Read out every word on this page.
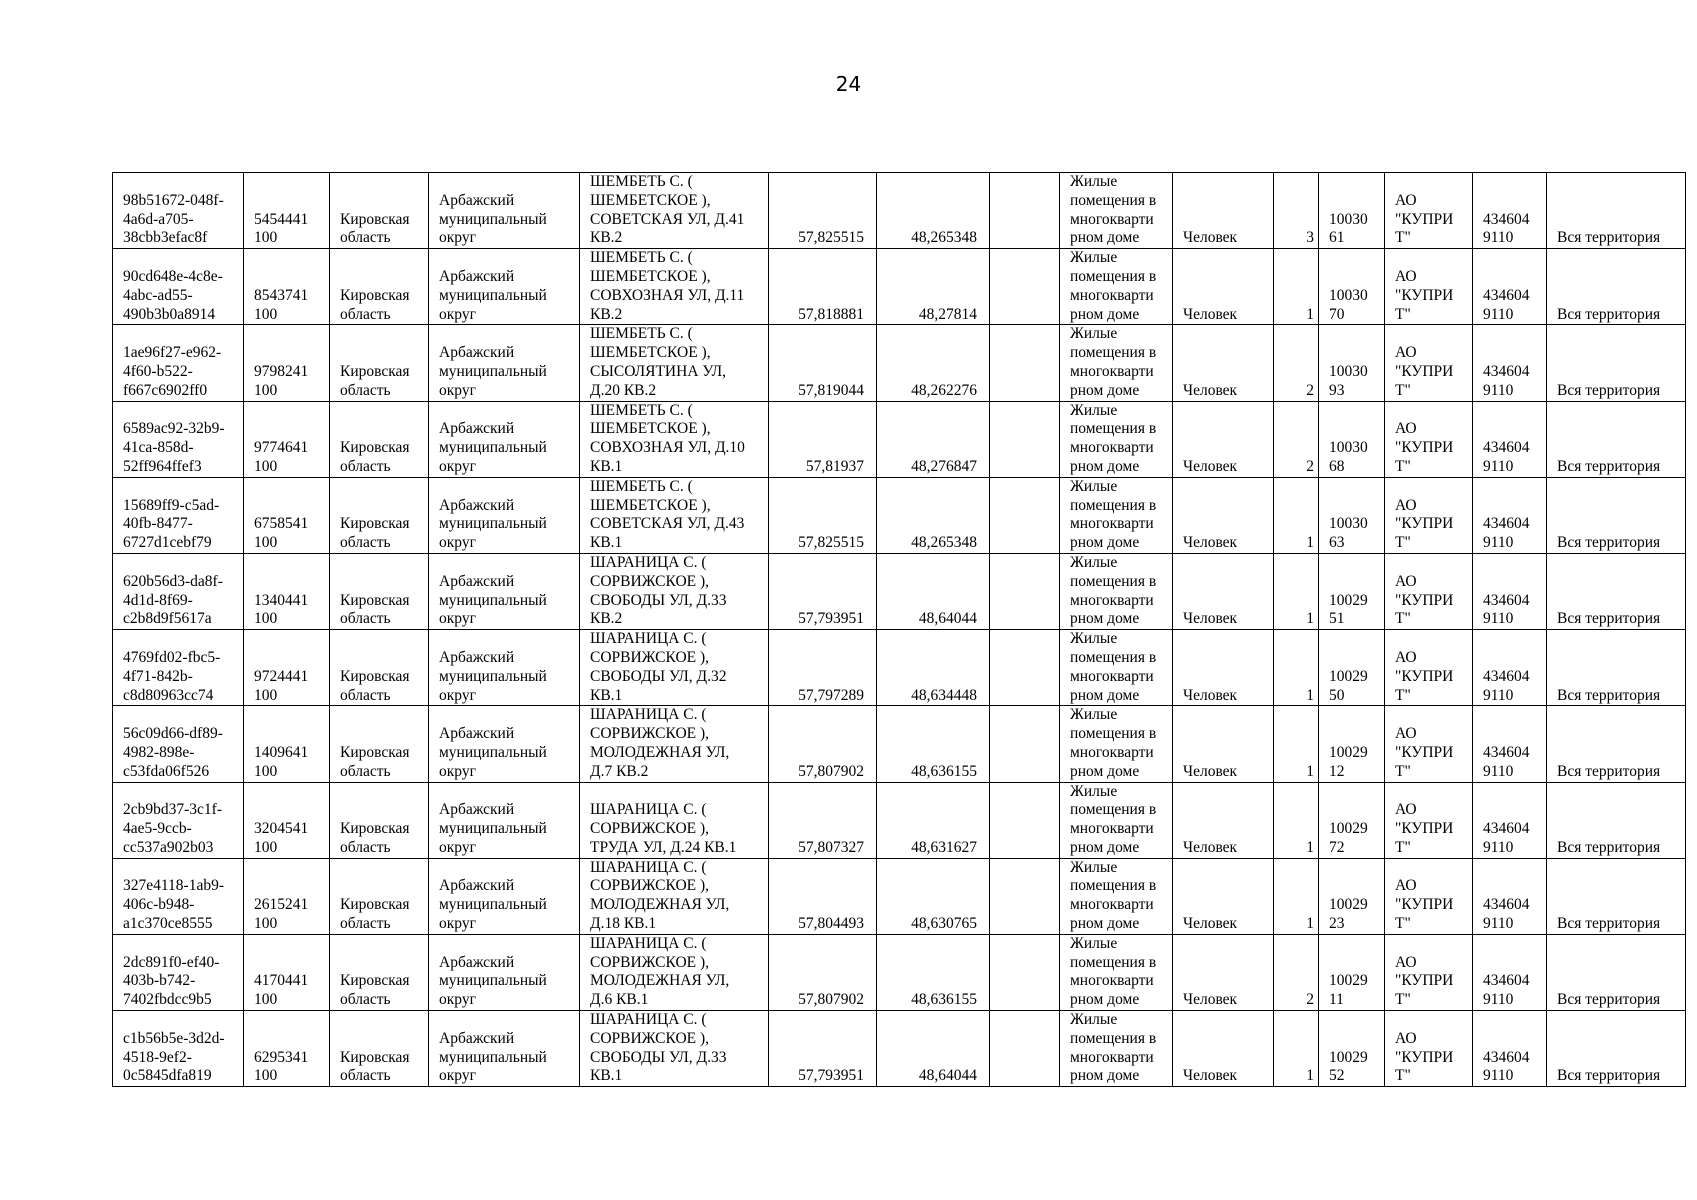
24
98b51672-048f-
4a6d-a705-
38cbb3efac8f	5454441
100	Кировская
область	Арбажский
муниципальный
округ	ШЕМБЕТЬ С. (
ШЕМБЕТСКОЕ ),
СОВЕТСКАЯ УЛ, Д.41
КВ.2	57,825515	48,265348		Жилые
помещения в
многокварти
рном доме	Человек	3	10030
61	АО
"КУПРИ
Т"	434604
9110	Вся территория
90cd648e-4c8e-
4abc-ad55-
490b3b0a8914	8543741
100	Кировская
область	Арбажский
муниципальный
округ	ШЕМБЕТЬ С. (
ШЕМБЕТСКОЕ ),
СОВХОЗНАЯ УЛ, Д.11
КВ.2	57,818881	48,27814		Жилые
помещения в
многокварти
рном доме	Человек	1	10030
70	АО
"КУПРИ
Т"	434604
9110	Вся территория
1ae96f27-e962-
4f60-b522-
f667c6902ff0	9798241
100	Кировская
область	Арбажский
муниципальный
округ	ШЕМБЕТЬ С. (
ШЕМБЕТСКОЕ ),
СЫСОЛЯТИНА УЛ,
Д.20 КВ.2	57,819044	48,262276		Жилые
помещения в
многокварти
рном доме	Человек	2	10030
93	АО
"КУПРИ
Т"	434604
9110	Вся территория
6589ac92-32b9-
41ca-858d-
52ff964ffef3	9774641
100	Кировская
область	Арбажский
муниципальный
округ	ШЕМБЕТЬ С. (
ШЕМБЕТСКОЕ ),
СОВХОЗНАЯ УЛ, Д.10
КВ.1	57,81937	48,276847		Жилые
помещения в
многокварти
рном доме	Человек	2	10030
68	АО
"КУПРИ
Т"	434604
9110	Вся территория
15689ff9-c5ad-
40fb-8477-
6727d1cebf79	6758541
100	Кировская
область	Арбажский
муниципальный
округ	ШЕМБЕТЬ С. (
ШЕМБЕТСКОЕ ),
СОВЕТСКАЯ УЛ, Д.43
КВ.1	57,825515	48,265348		Жилые
помещения в
многокварти
рном доме	Человек	1	10030
63	АО
"КУПРИ
Т"	434604
9110	Вся территория
620b56d3-da8f-
4d1d-8f69-
c2b8d9f5617a	1340441
100	Кировская
область	Арбажский
муниципальный
округ	ШАРАНИЦА С. (
СОРВИЖСКОЕ ),
СВОБОДЫ УЛ, Д.33
КВ.2	57,793951	48,64044		Жилые
помещения в
многокварти
рном доме	Человек	1	10029
51	АО
"КУПРИ
Т"	434604
9110	Вся территория
4769fd02-fbc5-
4f71-842b-
c8d80963cc74	9724441
100	Кировская
область	Арбажский
муниципальный
округ	ШАРАНИЦА С. (
СОРВИЖСКОЕ ),
СВОБОДЫ УЛ, Д.32
КВ.1	57,797289	48,634448		Жилые
помещения в
многокварти
рном доме	Человек	1	10029
50	АО
"КУПРИ
Т"	434604
9110	Вся территория
56c09d66-df89-
4982-898e-
c53fda06f526	1409641
100	Кировская
область	Арбажский
муниципальный
округ	ШАРАНИЦА С. (
СОРВИЖСКОЕ ),
МОЛОДЕЖНАЯ УЛ,
Д.7 КВ.2	57,807902	48,636155		Жилые
помещения в
многокварти
рном доме	Человек	1	10029
12	АО
"КУПРИ
Т"	434604
9110	Вся территория
2cb9bd37-3c1f-
4ae5-9ccb-
cc537a902b03	3204541
100	Кировская
область	Арбажский
муниципальный
округ	ШАРАНИЦА С. (
СОРВИЖСКОЕ ),
ТРУДА УЛ, Д.24 КВ.1	57,807327	48,631627		Жилые
помещения в
многокварти
рном доме	Человек	1	10029
72	АО
"КУПРИ
Т"	434604
9110	Вся территория
327e4118-1ab9-
406c-b948-
a1c370ce8555	2615241
100	Кировская
область	Арбажский
муниципальный
округ	ШАРАНИЦА С. (
СОРВИЖСКОЕ ),
МОЛОДЕЖНАЯ УЛ,
Д.18 КВ.1	57,804493	48,630765		Жилые
помещения в
многокварти
рном доме	Человек	1	10029
23	АО
"КУПРИ
Т"	434604
9110	Вся территория
2dc891f0-ef40-
403b-b742-
7402fbdcc9b5	4170441
100	Кировская
область	Арбажский
муниципальный
округ	ШАРАНИЦА С. (
СОРВИЖСКОЕ ),
МОЛОДЕЖНАЯ УЛ,
Д.6 КВ.1	57,807902	48,636155		Жилые
помещения в
многокварти
рном доме	Человек	2	10029
11	АО
"КУПРИ
Т"	434604
9110	Вся территория
c1b56b5e-3d2d-
4518-9ef2-
0c5845dfa819	6295341
100	Кировская
область	Арбажский
муниципальный
округ	ШАРАНИЦА С. (
СОРВИЖСКОЕ ),
СВОБОДЫ УЛ, Д.33
КВ.1	57,793951	48,64044		Жилые
помещения в
многокварти
рном доме	Человек	1	10029
52	АО
"КУПРИ
Т"	434604
9110	Вся территория
